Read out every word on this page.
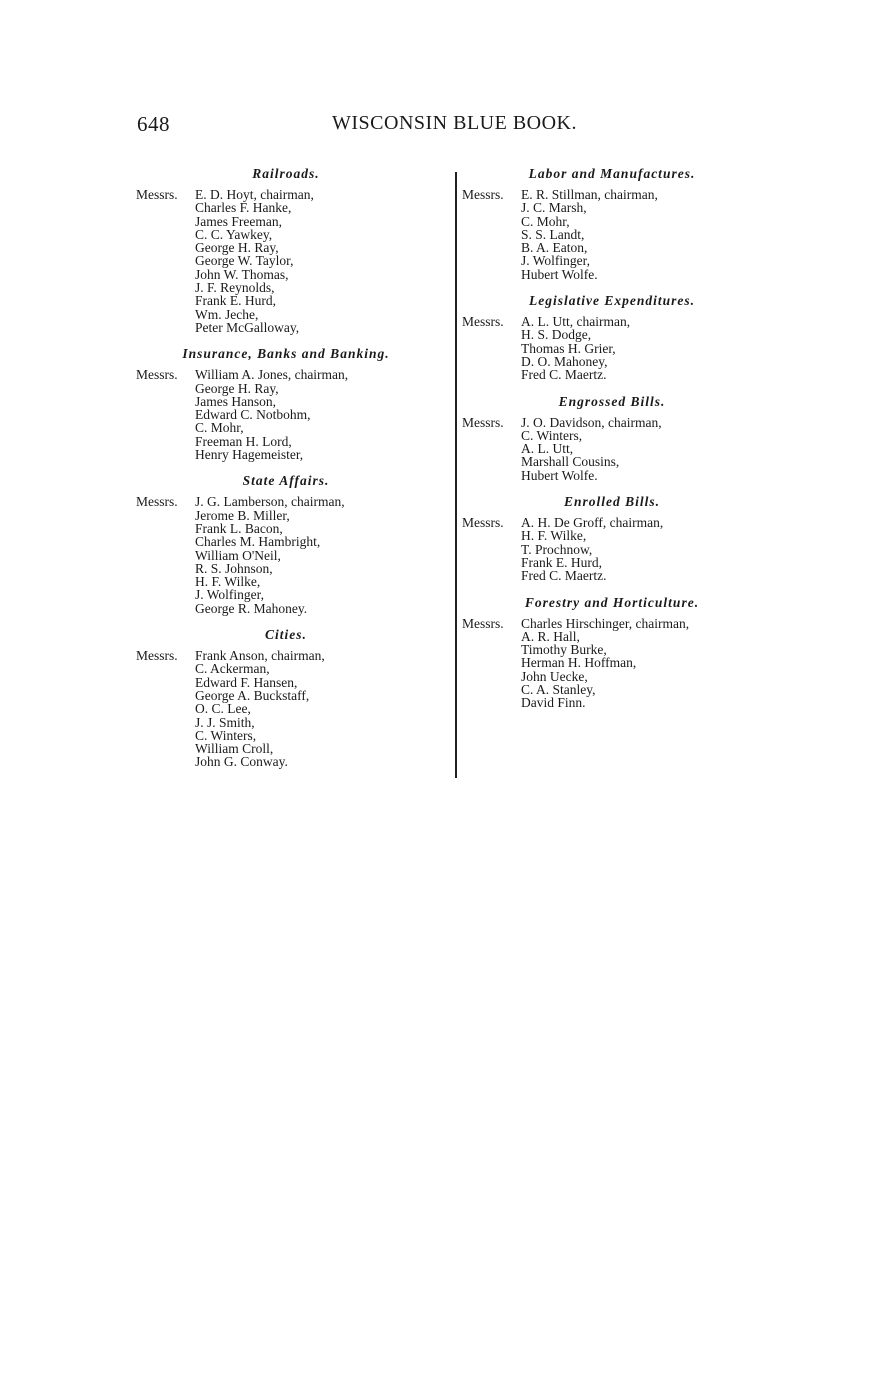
648	WISCONSIN BLUE BOOK.
Railroads.
Messrs.	E. D. Hoyt, chairman,
Charles F. Hanke,
James Freeman,
C. C. Yawkey,
George H. Ray,
George W. Taylor,
John W. Thomas,
J. F. Reynolds,
Frank E. Hurd,
Wm. Jeche,
Peter McGalloway,
Insurance, Banks and Banking.
Messrs.	William A. Jones, chairman,
George H. Ray,
James Hanson,
Edward C. Notbohm,
C. Mohr,
Freeman H. Lord,
Henry Hagemeister,
State Affairs.
Messrs.	J. G. Lamberson, chairman,
Jerome B. Miller,
Frank L. Bacon,
Charles M. Hambright,
William O'Neil,
R. S. Johnson,
H. F. Wilke,
J. Wolfinger,
George R. Mahoney.
Cities.
Messrs.	Frank Anson, chairman,
C. Ackerman,
Edward F. Hansen,
George A. Buckstaff,
O. C. Lee,
J. J. Smith,
C. Winters,
William Croll,
John G. Conway.
Labor and Manufactures.
Messrs.	E. R. Stillman, chairman,
J. C. Marsh,
C. Mohr,
S. S. Landt,
B. A. Eaton,
J. Wolfinger,
Hubert Wolfe.
Legislative Expenditures.
Messrs.	A. L. Utt, chairman,
H. S. Dodge,
Thomas H. Grier,
D. O. Mahoney,
Fred C. Maertz.
Engrossed Bills.
Messrs.	J. O. Davidson, chairman,
C. Winters,
A. L. Utt,
Marshall Cousins,
Hubert Wolfe.
Enrolled Bills.
Messrs.	A. H. De Groff, chairman,
H. F. Wilke,
T. Prochnow,
Frank E. Hurd,
Fred C. Maertz.
Forestry and Horticulture.
Messrs.	Charles Hirschinger, chairman,
A. R. Hall,
Timothy Burke,
Herman H. Hoffman,
John Uecke,
C. A. Stanley,
David Finn.
